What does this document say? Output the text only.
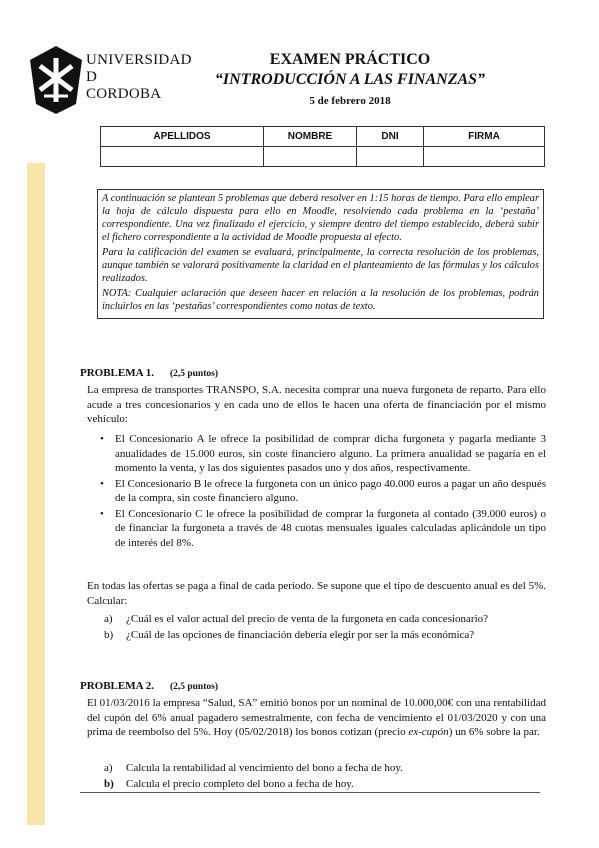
UNIVERSIDAD
D
CORDOBA
EXAMEN PRÁCTICO
“INTRODUCCIÓN A LAS FINANZAS”
5 de febrero 2018
APELLIDOS	NOMBRE	DNI	FIRMA

A continuación se plantean 5 problemas que deberá resolver en 1:15 horas de tiempo. Para ello emplear la hoja de cálculo dispuesta para ello en Moodle, resolviendo cada problema en la ‘pestaña’ correspondiente. Una vez finalizado el ejercicio, y siempre dentro del tiempo establecido, deberá subir el fichero correspondiente a la actividad de Moodle propuesta al efecto.

Para la calificación del examen se evaluará, principalmente, la correcta resolución de los problemas, aunque también se valorará positivamente la claridad en el planteamiento de las fórmulas y los cálculos realizados.

NOTA: Cualquier aclaración que deseen hacer en relación a la resolución de los problemas, podrán incluirlos en las ‘pestañas’ correspondientes como notas de texto.

PROBLEMA 1. (2,5 puntos)

La empresa de transportes TRANSPO, S.A. necesita comprar una nueva furgoneta de reparto. Para ello acude a tres concesionarios y en cada uno de ellos le hacen una oferta de financiación por el mismo vehículo:

• El Concesionario A le ofrece la posibilidad de comprar dicha furgoneta y pagarla mediante 3 anualidades de 15.000 euros, sin coste financiero alguno. La primera anualidad se pagaría en el momento la venta, y las dos siguientes pasados uno y dos años, respectivamente.
• El Concesionario B le ofrece la furgoneta con un único pago 40.000 euros a pagar un año después de la compra, sin coste financiero alguno.
• El Concesionario C le ofrece la posibilidad de comprar la furgoneta al contado (39.000 euros) o de financiar la furgoneta a través de 48 cuotas mensuales iguales calculadas aplicándole un tipo de interés del 8%.

En todas las ofertas se paga a final de cada periodo. Se supone que el tipo de descuento anual es del 5%. Calcular:

a) ¿Cuál es el valor actual del precio de venta de la furgoneta en cada concesionario?
b) ¿Cuál de las opciones de financiación debería elegir por ser la más económica?
PROBLEMA 2. (2,5 puntos)

El 01/03/2016 la empresa “Salud, SA” emitió bonos por un nominal de 10.000,00€ con una rentabilidad del cupón del 6% anual pagadero semestralmente, con fecha de vencimiento el 01/03/2020 y con una prima de reembolso del 5%. Hoy (05/02/2018) los bonos cotizan (precio ex-cupón) un 6% sobre la par.

a) Calcula la rentabilidad al vencimiento del bono a fecha de hoy.
b) Calcula el precio completo del bono a fecha de hoy.
